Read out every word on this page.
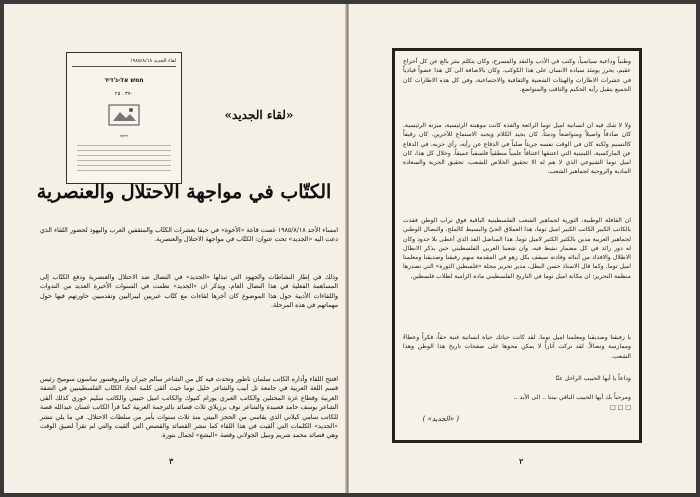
لقاء الجديد ١٩٨٥/٨/١٨
חמש אל-ג'דיד
٣٧٠ . ٢٥
חיפה
«لقاء الجديد»
الكتّاب في مواجهة الاحتلال والعنصرية
امساء الأحد ١٩٨٥/٨/١٨ غصت قاعة «الأخوة» في حيفا بعشرات الكتّاب والمثقفين العرب واليهود لحضور اللقاء الذي دعت اليه «الجديد» تحت عنوان: الكتّاب في مواجهة الاحتلال والعنصرية.
وذلك في إطار النشاطات والجهود التي تبذلها «الجديد» في النضال ضد الاحتلال والعنصرية ودفع الكتّاب إلى المساهمة الفعلية في هذا النضال العام، ويذكر ان «الجديد» نظمت في السنوات الأخيرة العديد من الندوات واللقاءات الأدبية حول هذا الموضوع كان آخرها لقاءات مع كتّاب عبريين ليبراليين وتقدميين حاورتهم فيها حول مهماتهم في هذه المرحلة.
افتتح اللقاء وأداره الكاتب سلمان ناطور وتحدث فيه كل من الشاعر سالم جبران والبروفسور ساسون سوميخ رئيس قسم اللغة العربية في جامعة تل أبيب والشاعر خليل توما حيث ألقى كلمة اتحاد الكتّاب الفلسطينيين في الضفة الغربية وقطاع غزة المحتلين والكاتب العبري يورام كنيوك والكاتب اميل حبيبي والكاتب سليم خوري كذلك ألقى الشاعر يوسف حامد قصيدة والشاعر نوف برزيلاي ثلاث قصائد بالترجمة العربية كما قرأ الكاتب غسان عبدالله قصة للكاتب سامي كيلاني الذي يقاسي من الحجز البيتي منذ ثلاث سنوات بأمر من سلطات الاحتلال. في ما يلي ننشر «الجديد» الكلمات التي ألقيت في هذا اللقاء كما ننشر القصائد والقصص التي ألقيت والتي لم تقرأ لضيق الوقت وهي قصائد محمد شريم ونبيل الجولاني وقصة «البشع» لجمال بنورة.
٣
وطنياً وداعية سياسياً، وكتب في الأدب والنقد والمسرح، وكان يتكلم بنثر بالغ عن كل أحزاج عقيم، يحرز يومئذ سيادة الانسان على هذا الكوكب. وكان بالاضافة الى كل هذا عضواً قيادياً في عشرات الاطارات والهيئات الشعبية والثقافية والاجتماعية، وفي كل هذه الاطارات كان الجميع يتقبل رأيه الحكيم والثاقب والمتواضع.
ولا لا شك فيه ان انسانية اميل توما الرائعة والفذة كانت موهبته الرئيسية، ميزته الرئيسية. كان صادقاً واصيلاً ومتواضعاً ودمثاً. كان يجيد الكلام ويجيد الاستماع للآخرين. كان رقيقاً كالنسيم ولكنه كان في الوقت نفسه جريئاً صلباً في الدفاع عن رأيه، رأي حزبه، في الدفاع عن الماركسية. اللينينية التي اعتنقها اعتناقاً علمياً منطقياً فلسفياً عميقاً. وخلال كل هذا، كان اميل توما الشيوعي الذي لا هم له الا تحقيق الخلاص للشعب، تحقيق الحرية والسعادة المادية والروحية لجماهير الشعب.
ان القافلة الوطنية، الثورية لجماهير الشعب الفلسطينية الباقية فوق تراب الوطن فقدت بالكاتب الكبير الكاتب الكبير اميل توما، هذا العملاق الحيّ والبسيط كالملح. والنضال الوطني لجماهير العربية مدين بالكثير الكثير لاميل توما. هذا المناضل الفذ الذي أعطى بلا حدود وكان له دور رائد في كل مضمار نشط فيه. وان شعبنا العربي الفلسطيني حين يذكر الابطال الاطلال والافذاذ من أبنائه وقادته سيقف بكل زهو في المقدمة منهم رفيقنا وصديقنا ومعلمنا اميل توما. وكما قال الاستاذ حسن البطل، مدير تحرير مجلة «فلسطين الثورة» التي تصدرها منظمة التحرير: ان مكانة اميل توما في التاريخ الفلسطيني مادة الزامية لطلاب فلسطين.
يا رفيقنا وصديقنا ومعلمنا اميل توما. لقد كانت حياتك حياة انسانية غنية حقاً، فكراً وعطاءً وممارسة ونضالاً. لقد تركت آثاراً لا يمكن محوها على صفحات تاريخ هذا الوطن وهذا الشعب.
وداعاً يا أيها الحبيب الراحل عنّا
ومرحباً بك أيها الحبيب الباقي بيننا .. الى الأبد ..
□ □ □
( «الجديد» )
٢
